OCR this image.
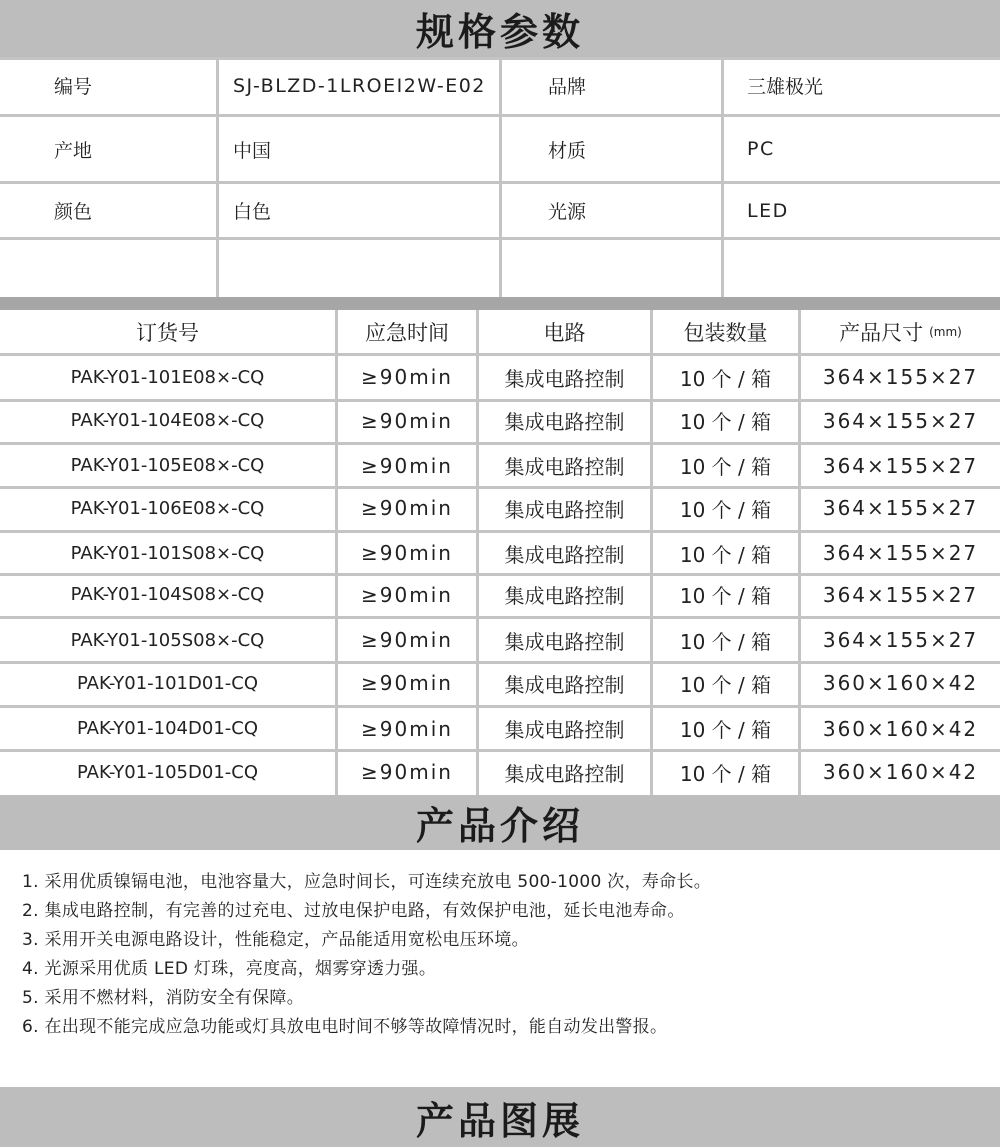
规格参数
编号	SJ-BLZD-1LROEI2W-E02	品牌	三雄极光
产地	中国	材质	PC
颜色	白色	光源	LED
订货号	应急时间	电路	包装数量	产品尺寸 (mm)
PAK-Y01-101E08×-CQ	≥90min	集成电路控制	10 个 / 箱	364×155×27
PAK-Y01-104E08×-CQ	≥90min	集成电路控制	10 个 / 箱	364×155×27
PAK-Y01-105E08×-CQ	≥90min	集成电路控制	10 个 / 箱	364×155×27
PAK-Y01-106E08×-CQ	≥90min	集成电路控制	10 个 / 箱	364×155×27
PAK-Y01-101S08×-CQ	≥90min	集成电路控制	10 个 / 箱	364×155×27
PAK-Y01-104S08×-CQ	≥90min	集成电路控制	10 个 / 箱	364×155×27
PAK-Y01-105S08×-CQ	≥90min	集成电路控制	10 个 / 箱	364×155×27
PAK-Y01-101D01-CQ	≥90min	集成电路控制	10 个 / 箱	360×160×42
PAK-Y01-104D01-CQ	≥90min	集成电路控制	10 个 / 箱	360×160×42
PAK-Y01-105D01-CQ	≥90min	集成电路控制	10 个 / 箱	360×160×42
产品介绍
1. 采用优质镍镉电池，电池容量大，应急时间长，可连续充放电 500-1000 次，寿命长。
2. 集成电路控制，有完善的过充电、过放电保护电路，有效保护电池，延长电池寿命。
3. 采用开关电源电路设计，性能稳定，产品能适用宽松电压环境。
4. 光源采用优质 LED 灯珠，亮度高，烟雾穿透力强。
5. 采用不燃材料，消防安全有保障。
6. 在出现不能完成应急功能或灯具放电电时间不够等故障情况时，能自动发出警报。
产品图展
